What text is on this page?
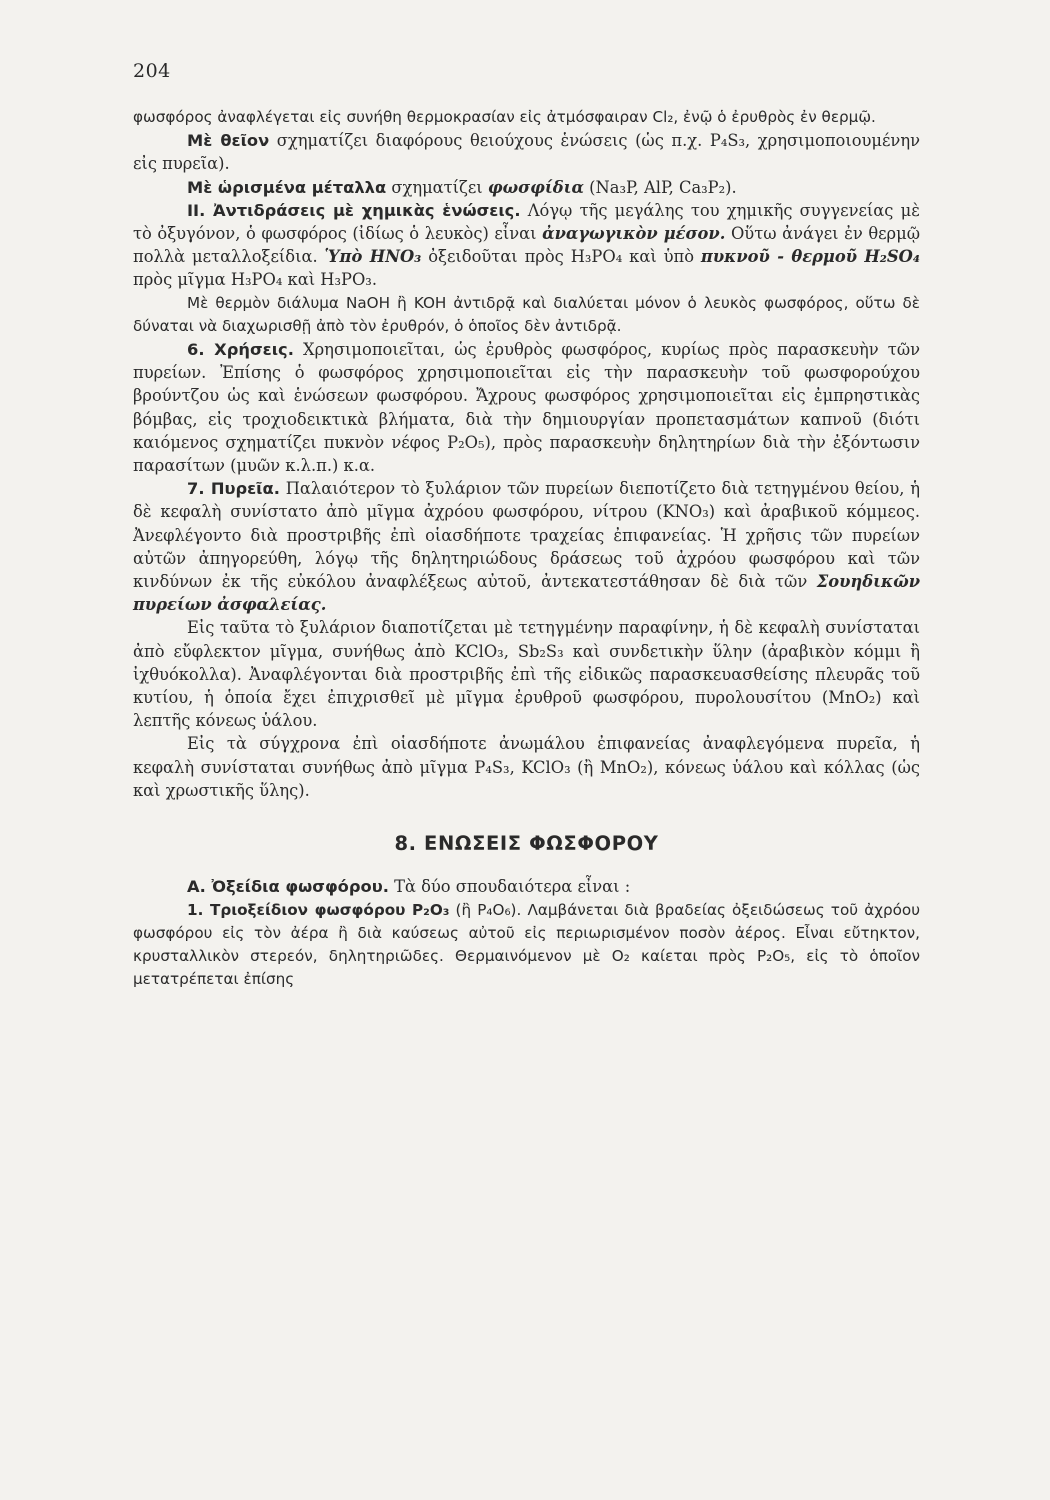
204

φωσφόρος ἀναφλέγεται εἰς συνήθη θερμοκρασίαν εἰς ἀτμόσφαιραν Cl₂, ἐνῷ ὁ ἐρυθρὸς ἐν θερμῷ.

Μὲ θεῖον σχηματίζει διαφόρους θειούχους ἑνώσεις (ὡς π.χ. P₄S₃, χρησιμοποιουμένην εἰς πυρεῖα).

Μὲ ὡρισμένα μέταλλα σχηματίζει φωσφίδια (Na₃P, AlP, Ca₃P₂).

II. Ἀντιδράσεις μὲ χημικὰς ἑνώσεις. Λόγῳ τῆς μεγάλης του χημικῆς συγγενείας μὲ τὸ ὀξυγόνον, ὁ φωσφόρος (ἰδίως ὁ λευκὸς) εἶναι ἀναγωγικὸν μέσον. Οὕτω ἀνάγει ἐν θερμῷ πολλὰ μεταλλοξείδια. Ὑπὸ HNO₃ ὀξειδοῦται πρὸς H₃PO₄ καὶ ὑπὸ πυκνοῦ - θερμοῦ H₂SO₄ πρὸς μῖγμα H₃PO₄ καὶ H₃PO₃.

Μὲ θερμὸν διάλυμα NaOH ἢ KOH ἀντιδρᾷ καὶ διαλύεται μόνον ὁ λευκὸς φωσφόρος, οὕτω δὲ δύναται νὰ διαχωρισθῇ ἀπὸ τὸν ἐρυθρόν, ὁ ὁποῖος δὲν ἀντιδρᾷ.

6. Χρήσεις. Χρησιμοποιεῖται, ὡς ἐρυθρὸς φωσφόρος, κυρίως πρὸς παρασκευὴν τῶν πυρείων. Ἐπίσης ὁ φωσφόρος χρησιμοποιεῖται εἰς τὴν παρασκευὴν τοῦ φωσφορούχου βρούντζου ὡς καὶ ἑνώσεων φωσφόρου. Ἄχρους φωσφόρος χρησιμοποιεῖται εἰς ἐμπρηστικὰς βόμβας, εἰς τροχιοδεικτικὰ βλήματα, διὰ τὴν δημιουργίαν προπετασμάτων καπνοῦ (διότι καιόμενος σχηματίζει πυκνὸν νέφος P₂O₅), πρὸς παρασκευὴν δηλητηρίων διὰ τὴν ἐξόντωσιν παρασίτων (μυῶν κ.λ.π.) κ.α.

7. Πυρεῖα. Παλαιότερον τὸ ξυλάριον τῶν πυρείων διεποτίζετο διὰ τετηγμένου θείου, ἡ δὲ κεφαλὴ συνίστατο ἀπὸ μῖγμα ἀχρόου φωσφόρου, νίτρου (KNO₃) καὶ ἀραβικοῦ κόμμεος. Ἀνεφλέγοντο διὰ προστριβῆς ἐπὶ οἱασδήποτε τραχείας ἐπιφανείας. Ἡ χρῆσις τῶν πυρείων αὐτῶν ἀπηγορεύθη, λόγῳ τῆς δηλητηριώδους δράσεως τοῦ ἀχρόου φωσφόρου καὶ τῶν κινδύνων ἐκ τῆς εὐκόλου ἀναφλέξεως αὐτοῦ, ἀντεκατεστάθησαν δὲ διὰ τῶν Σουηδικῶν πυρείων ἀσφαλείας.

Εἰς ταῦτα τὸ ξυλάριον διαποτίζεται μὲ τετηγμένην παραφίνην, ἡ δὲ κεφαλὴ συνίσταται ἀπὸ εὔφλεκτον μῖγμα, συνήθως ἀπὸ KClO₃, Sb₂S₃ καὶ συνδετικὴν ὕλην (ἀραβικὸν κόμμι ἢ ἰχθυόκολλα). Ἀναφλέγονται διὰ προστριβῆς ἐπὶ τῆς εἰδικῶς παρασκευασθείσης πλευρᾶς τοῦ κυτίου, ἡ ὁποία ἔχει ἐπιχρισθεῖ μὲ μῖγμα ἐρυθροῦ φωσφόρου, πυρολουσίτου (MnO₂) καὶ λεπτῆς κόνεως ὑάλου.

Εἰς τὰ σύγχρονα ἐπὶ οἱασδήποτε ἀνωμάλου ἐπιφανείας ἀναφλεγόμενα πυρεῖα, ἡ κεφαλὴ συνίσταται συνήθως ἀπὸ μῖγμα P₄S₃, KClO₃ (ἢ MnO₂), κόνεως ὑάλου καὶ κόλλας (ὡς καὶ χρωστικῆς ὕλης).

8. ΕΝΩΣΕΙΣ ΦΩΣΦΟΡΟΥ

Α. Ὀξείδια φωσφόρου. Τὰ δύο σπουδαιότερα εἶναι :

1. Τριοξείδιον φωσφόρου P₂O₃ (ἢ P₄O₆). Λαμβάνεται διὰ βραδείας ὀξειδώσεως τοῦ ἀχρόου φωσφόρου εἰς τὸν ἀέρα ἢ διὰ καύσεως αὐτοῦ εἰς περιωρισμένον ποσὸν ἀέρος. Εἶναι εὔτηκτον, κρυσταλλικὸν στερεόν, δηλητηριῶδες. Θερμαινόμενον μὲ O₂ καίεται πρὸς P₂O₅, εἰς τὸ ὁποῖον μετατρέπεται ἐπίσης
